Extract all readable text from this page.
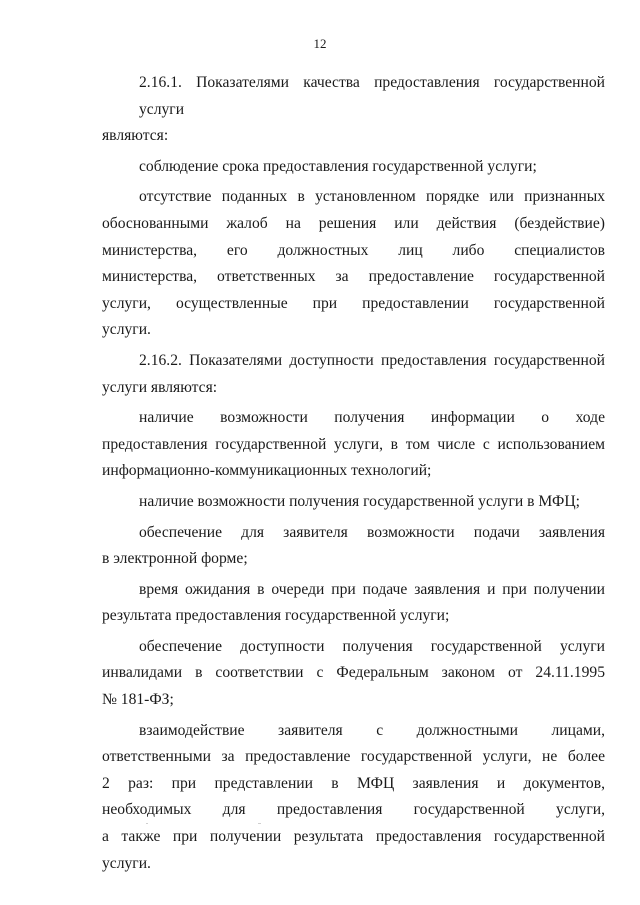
12

2.16.1. Показателями качества предоставления государственной услуги
являются:

соблюдение срока предоставления государственной услуги;

отсутствие поданных в установленном порядке или признанных
обоснованными жалоб на решения или действия (бездействие)
министерства, его должностных лиц либо специалистов
министерства, ответственных за предоставление государственной
услуги, осуществленные при предоставлении государственной
услуги.

2.16.2. Показателями доступности предоставления государственной
услуги являются:

наличие возможности получения информации о ходе
предоставления государственной услуги, в том числе с использованием
информационно-коммуникационных технологий;

наличие возможности получения государственной услуги в МФЦ;

обеспечение для заявителя возможности подачи заявления
в электронной форме;

время ожидания в очереди при подаче заявления и при получении
результата предоставления государственной услуги;

обеспечение доступности получения государственной услуги
инвалидами в соответствии с Федеральным законом от 24.11.1995
№ 181-ФЗ;

взаимодействие заявителя с должностными лицами,
ответственными за предоставление государственной услуги, не более
2 раз: при представлении в МФЦ заявления и документов,
необходимых для предоставления государственной услуги,
а также при получении результата предоставления государственной
услуги.
